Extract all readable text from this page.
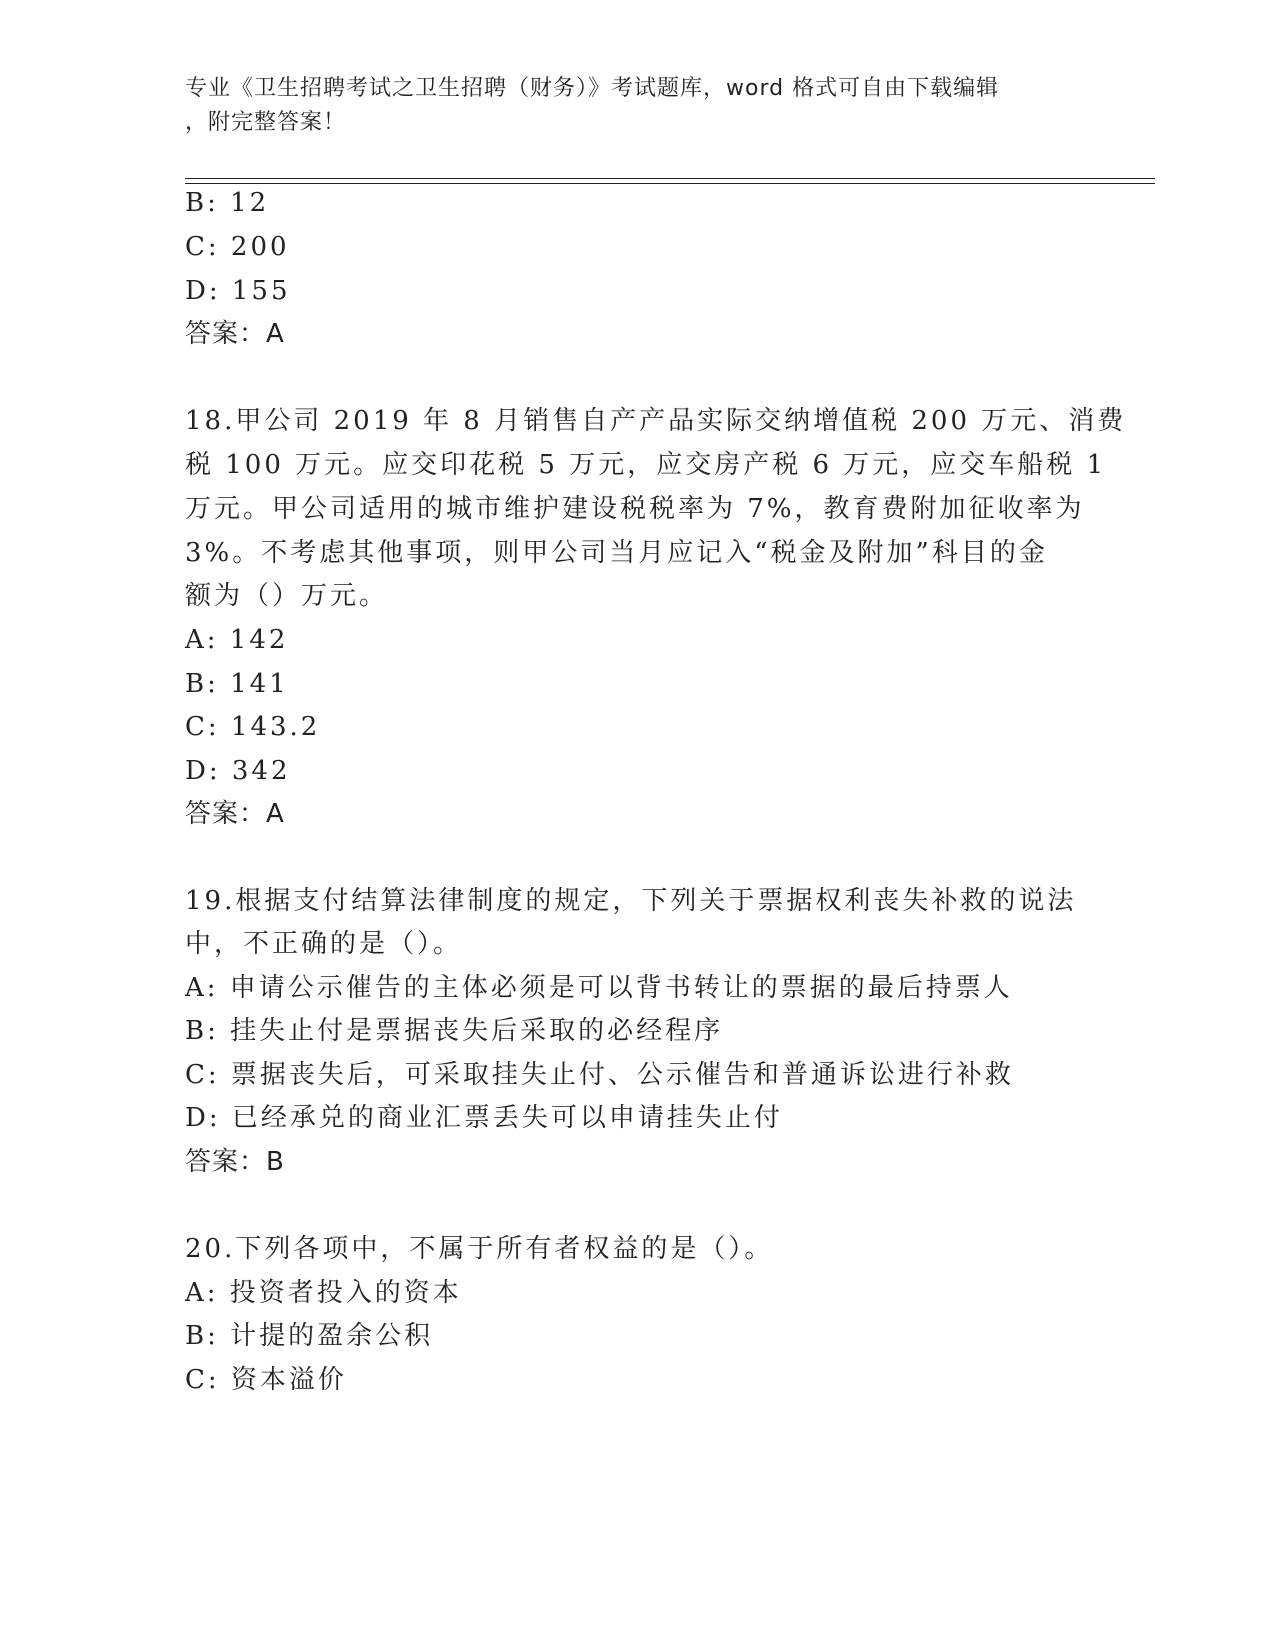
专业《卫生招聘考试之卫生招聘（财务）》考试题库，word 格式可自由下载编辑
，附完整答案！
B: 12
C: 200
D: 155
答案：A
18.甲公司 2019 年 8 月销售自产产品实际交纳增值税 200 万元、消费
税 100 万元。应交印花税 5 万元，应交房产税 6 万元，应交车船税 1
万元。甲公司适用的城市维护建设税税率为 7%，教育费附加征收率为
3%。不考虑其他事项，则甲公司当月应记入“税金及附加”科目的金
额为（）万元。
A: 142
B: 141
C: 143.2
D: 342
答案：A
19.根据支付结算法律制度的规定，下列关于票据权利丧失补救的说法
中，不正确的是（）。
A: 申请公示催告的主体必须是可以背书转让的票据的最后持票人
B: 挂失止付是票据丧失后采取的必经程序
C: 票据丧失后，可采取挂失止付、公示催告和普通诉讼进行补救
D: 已经承兑的商业汇票丢失可以申请挂失止付
答案：B
20.下列各项中，不属于所有者权益的是（）。
A: 投资者投入的资本
B: 计提的盈余公积
C: 资本溢价
